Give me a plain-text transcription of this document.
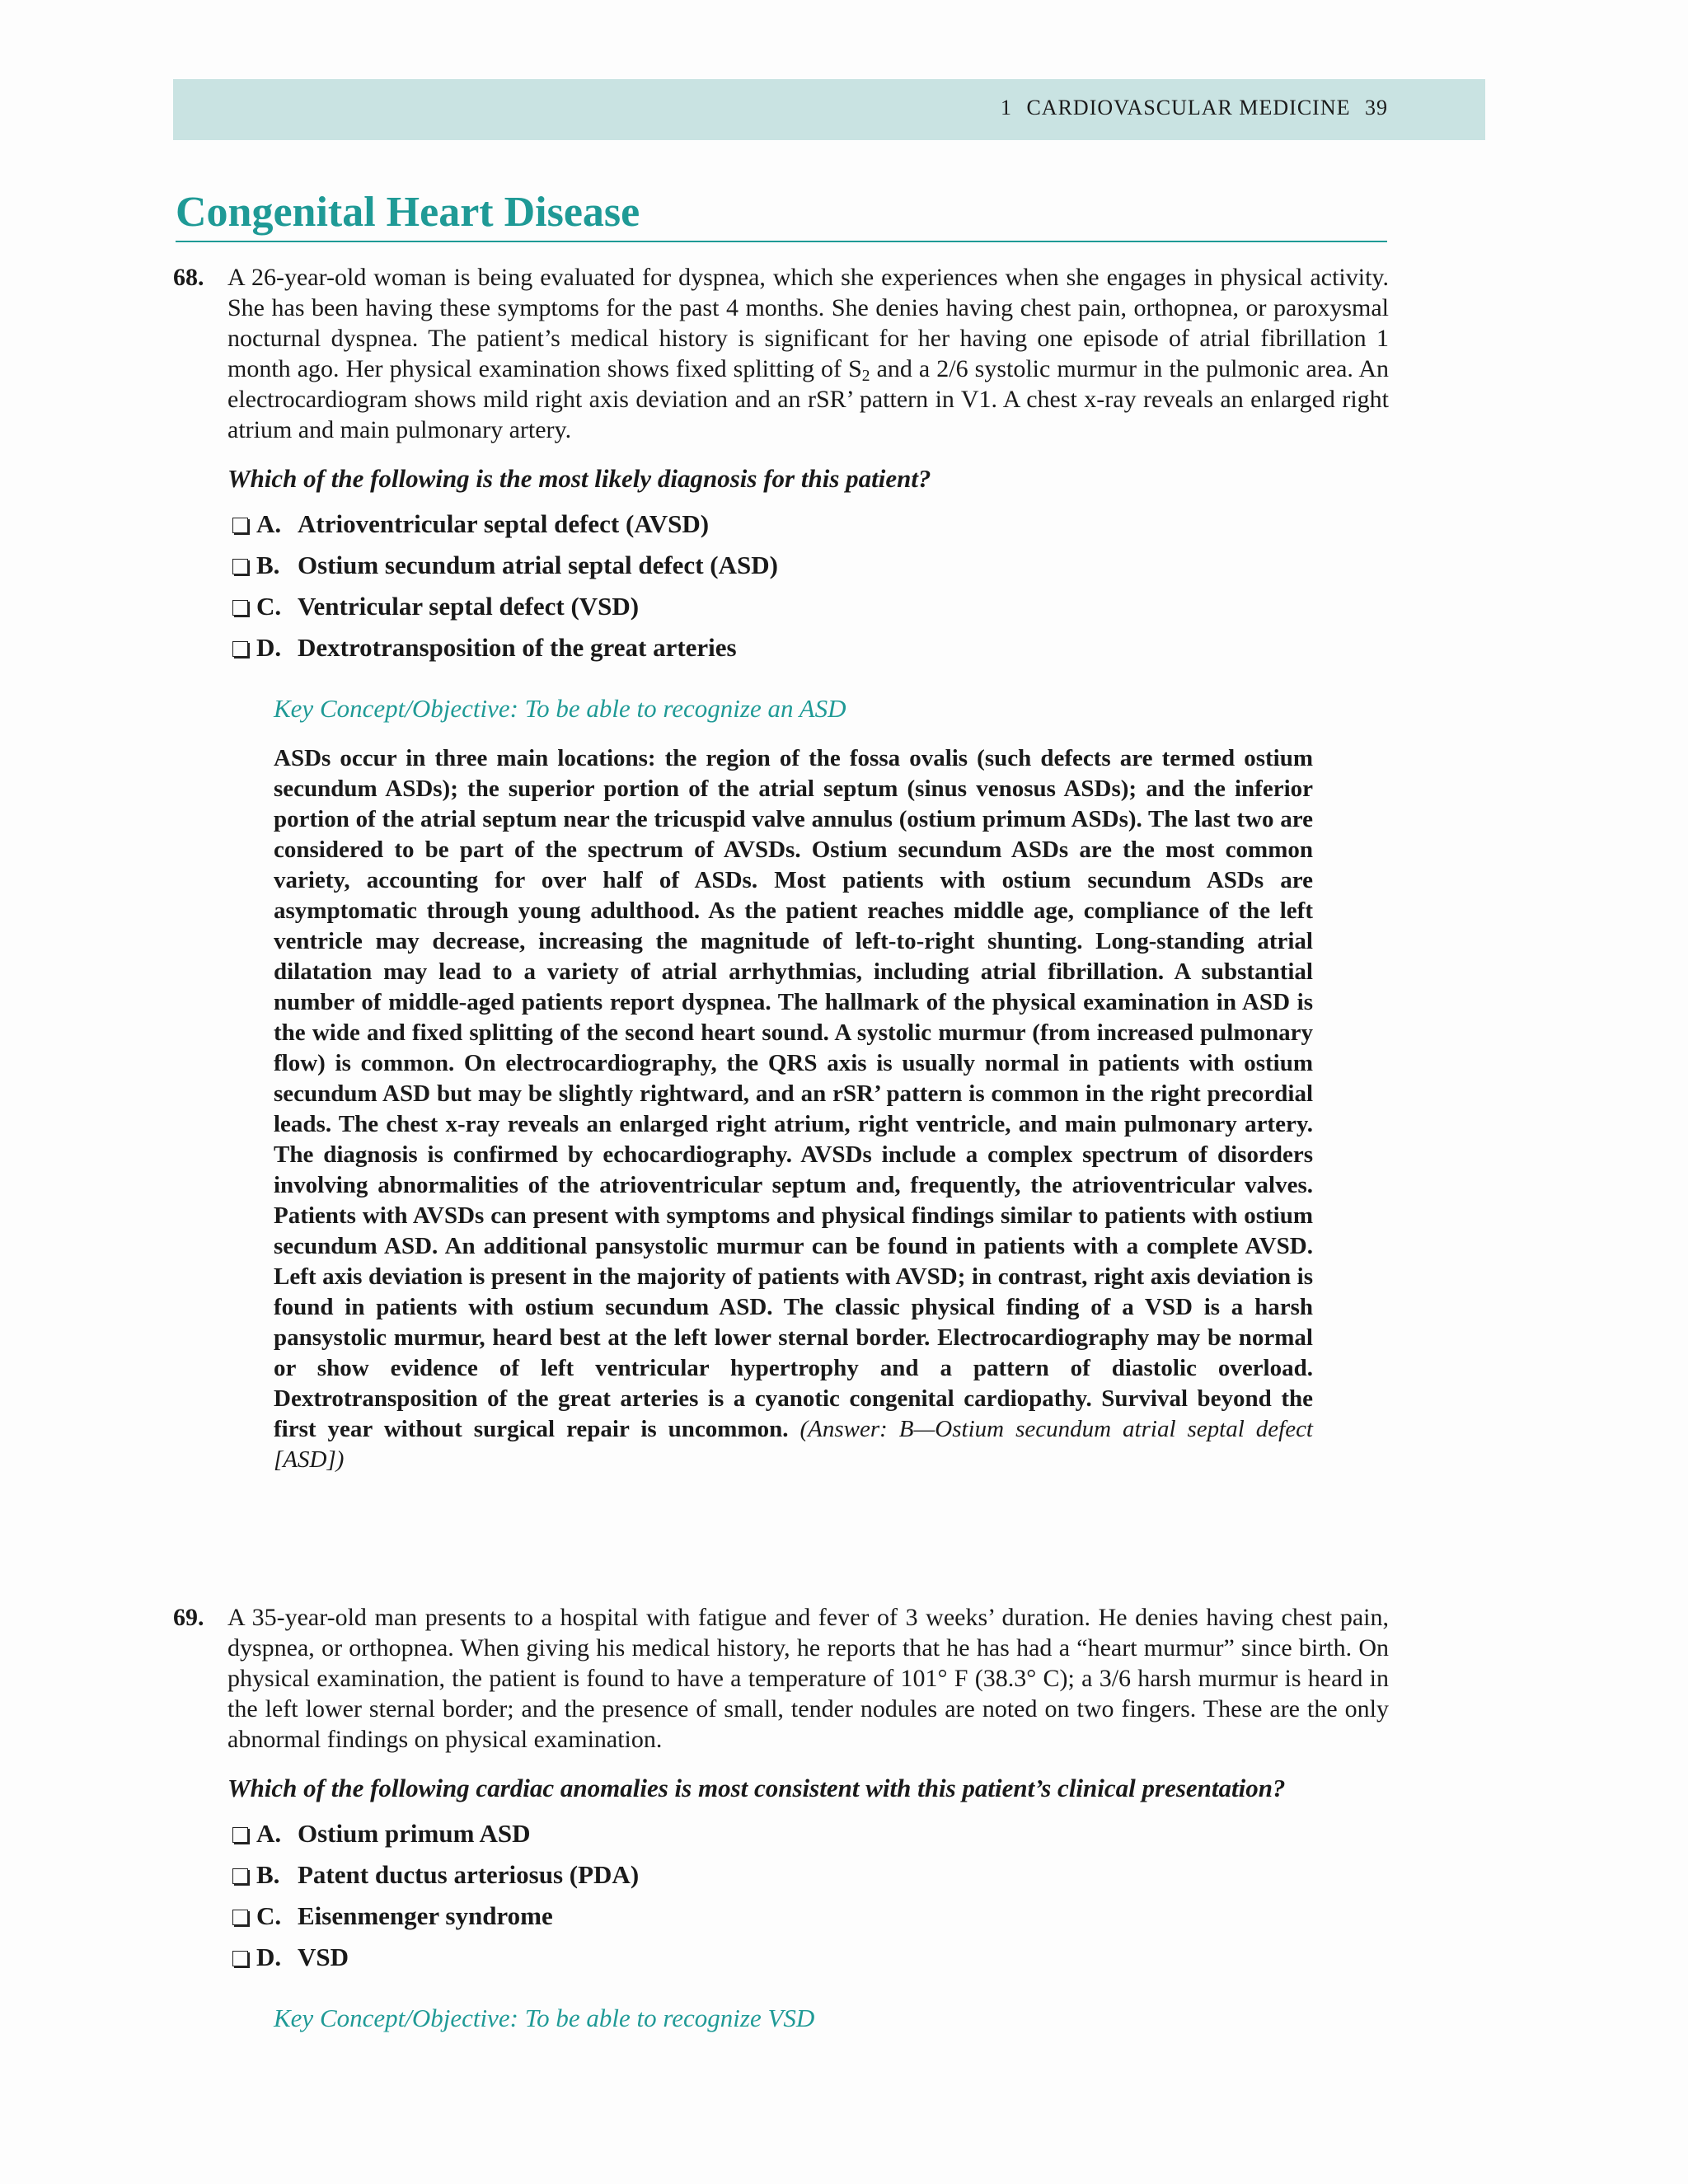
1 CARDIOVASCULAR MEDICINE 39
Congenital Heart Disease
68. A 26-year-old woman is being evaluated for dyspnea, which she experiences when she engages in physical activity. She has been having these symptoms for the past 4 months. She denies having chest pain, orthopnea, or paroxysmal nocturnal dyspnea. The patient’s medical history is significant for her having one episode of atrial fibrillation 1 month ago. Her physical examination shows fixed splitting of $S_2$ and a 2/6 systolic murmur in the pulmonic area. An electrocardiogram shows mild right axis deviation and an rSR’ pattern in V1. A chest x-ray reveals an enlarged right atrium and main pulmonary artery.

Which of the following is the most likely diagnosis for this patient?

A. Atrioventricular septal defect (AVSD)
B. Ostium secundum atrial septal defect (ASD)
C. Ventricular septal defect (VSD)
D. Dextrotransposition of the great arteries

Key Concept/Objective: To be able to recognize an ASD

ASDs occur in three main locations: the region of the fossa ovalis (such defects are termed ostium secundum ASDs); the superior portion of the atrial septum (sinus venosus ASDs); and the inferior portion of the atrial septum near the tricuspid valve annulus (ostium primum ASDs). The last two are considered to be part of the spectrum of AVSDs. Ostium secundum ASDs are the most common variety, accounting for over half of ASDs. Most patients with ostium secundum ASDs are asymptomatic through young adulthood. As the patient reaches middle age, compliance of the left ventricle may decrease, increasing the magnitude of left-to-right shunting. Long-standing atrial dilatation may lead to a variety of atrial arrhythmias, including atrial fibrillation. A substantial number of middle-aged patients report dyspnea. The hallmark of the physical examination in ASD is the wide and fixed splitting of the second heart sound. A systolic murmur (from increased pulmonary flow) is common. On electrocardiography, the QRS axis is usually normal in patients with ostium secundum ASD but may be slightly rightward, and an rSR’ pattern is common in the right precordial leads. The chest x-ray reveals an enlarged right atrium, right ventricle, and main pulmonary artery. The diagnosis is confirmed by echocardiography. AVSDs include a complex spectrum of disorders involving abnormalities of the atrioventricular septum and, frequently, the atrioventricular valves. Patients with AVSDs can present with symptoms and physical findings similar to patients with ostium secundum ASD. An additional pansystolic murmur can be found in patients with a complete AVSD. Left axis deviation is present in the majority of patients with AVSD; in contrast, right axis deviation is found in patients with ostium secundum ASD. The classic physical finding of a VSD is a harsh pansystolic murmur, heard best at the left lower sternal border. Electrocardiography may be normal or show evidence of left ventricular hypertrophy and a pattern of diastolic overload. Dextrotransposition of the great arteries is a cyanotic congenital cardiopathy. Survival beyond the first year without surgical repair is uncommon. (Answer: B—Ostium secundum atrial septal defect [ASD])

69. A 35-year-old man presents to a hospital with fatigue and fever of 3 weeks’ duration. He denies having chest pain, dyspnea, or orthopnea. When giving his medical history, he reports that he has had a “heart murmur” since birth. On physical examination, the patient is found to have a temperature of 101° F (38.3° C); a 3/6 harsh murmur is heard in the left lower sternal border; and the presence of small, tender nodules are noted on two fingers. These are the only abnormal findings on physical examination.

Which of the following cardiac anomalies is most consistent with this patient’s clinical presentation?

A. Ostium primum ASD
B. Patent ductus arteriosus (PDA)
C. Eisenmenger syndrome
D. VSD

Key Concept/Objective: To be able to recognize VSD
